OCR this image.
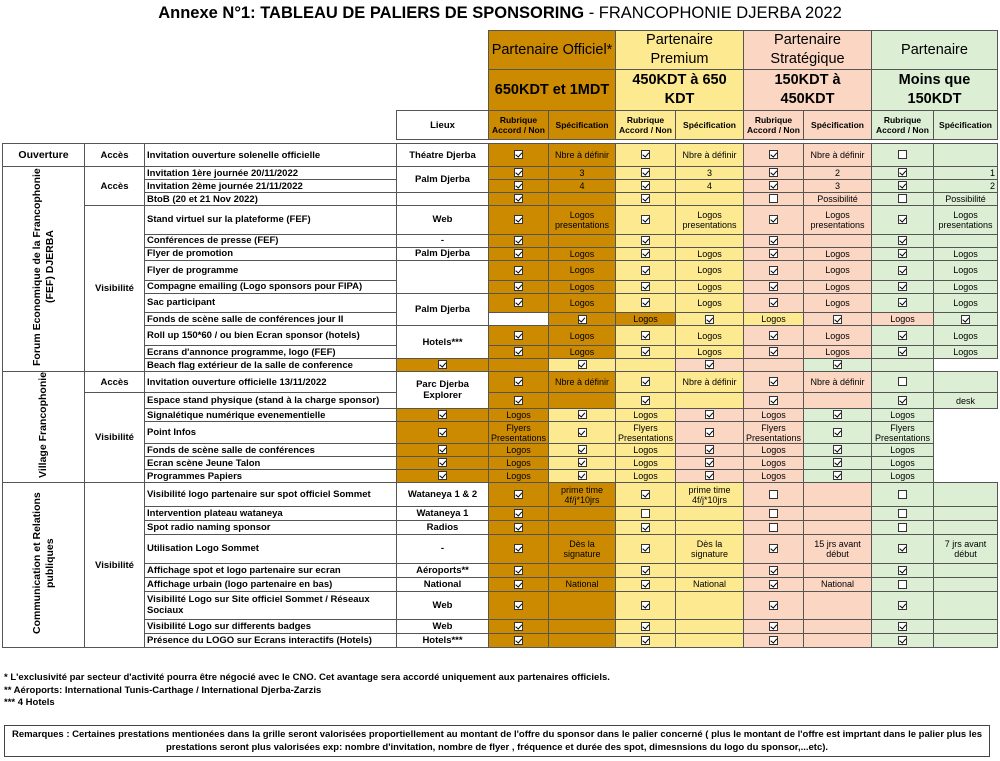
Annexe N°1: TABLEAU DE PALIERS DE SPONSORING - FRANCOPHONIE DJERBA 2022
				Partenaire Officiel*		Partenaire Premium		Partenaire Stratégique		Partenaire		
				650KDT et 1MDT		450KDT à 650 KDT		150KDT à 450KDT		Moins que 150KDT		
			Lieux	Rubrique Accord / Non	Spécification	Rubrique Accord / Non	Spécification	Rubrique Accord / Non	Spécification	Rubrique Accord / Non	Spécification	

Ouverture	Accès	Invitation ouverture solenelle officielle	Théatre Djerba		Nbre à définir		Nbre à définir		Nbre à définir			
Forum Economique de la Francophonie (FEF) DJERBA	Accès	Invitation 1ère journée 20/11/2022	Palm Djerba		3		3		2		1	
		Invitation 2ème journée 21/11/2022			4		4		3		2	
		BtoB (20 et 21 Nov 2022)							Possibilité		Possibilité	
	Visibilité	Stand virtuel sur la plateforme (FEF)	Web		Logos presentations		Logos presentations		Logos presentations		Logos presentations	
		Conférences de presse (FEF)	-									
		Flyer de promotion	Palm Djerba		Logos		Logos		Logos		Logos	
		Flyer de programme			Logos		Logos		Logos		Logos	
		Compagne emailing (Logo sponsors pour FIPA)			Logos		Logos		Logos		Logos	
		Sac participant	Palm Djerba		Logos		Logos		Logos		Logos	
		Fonds de scène salle de conférences jour II				Logos		Logos		Logos		
		Roll up 150*60 / ou bien Ecran sponsor (hotels)	Hotels***		Logos		Logos		Logos		Logos	
		Ecrans d'annonce programme, logo (FEF)			Logos		Logos		Logos		Logos	
		Beach flag extérieur de la salle de conference										
Village Francophonie	Accès	Invitation ouverture officielle 13/11/2022	Parc Djerba Explorer		Nbre à définir		Nbre à définir		Nbre à définir			
	Visibilité	Espace stand physique (stand à la charge sponsor)									desk	
		Signalétique numérique evenementielle		Logos		Logos		Logos		Logos		
		Point Infos		Flyers Presentations		Flyers Presentations		Flyers Presentations		Flyers Presentations		
		Fonds de scène salle de conférences		Logos		Logos		Logos		Logos		
		Ecran scène Jeune Talon		Logos		Logos		Logos		Logos		
		Programmes Papiers		Logos		Logos		Logos		Logos		
Communication et Relations publiques	Visibilité	Visibilité logo partenaire sur spot officiel Sommet	Wataneya 1 & 2		prime time 4f/j*10jrs		prime time 4f/j*10jrs					
		Intervention plateau wataneya	Wataneya 1									
		Spot radio naming sponsor	Radios									
		Utilisation Logo Sommet	-		Dès la signature		Dès la signature		15 jrs avant début		7 jrs avant début	
		Affichage spot et logo partenaire sur ecran	Aéroports**									
		Affichage urbain (logo partenaire en bas)	National		National		National		National			
		Visibilité Logo sur Site officiel Sommet / Réseaux Sociaux	Web									
		Visibilité Logo sur differents badges	Web									
		Présence du LOGO sur Ecrans interactifs (Hotels)	Hotels***									
* L'exclusivité par secteur d'activité pourra être négocié avec le CNO. Cet avantage sera accordé uniquement aux partenaires officiels.
** Aéroports: International Tunis-Carthage / International Djerba-Zarzis
*** 4 Hotels
Remarques : Certaines prestations mentionées dans la grille seront valorisées proportiellement au montant de l'offre du sponsor dans le palier concerné ( plus le montant de l'offre est imprtant dans le palier plus les prestations seront plus valorisées exp: nombre d'invitation, nombre de flyer , fréquence et durée des spot, dimesnsions du logo du sponsor,...etc).
